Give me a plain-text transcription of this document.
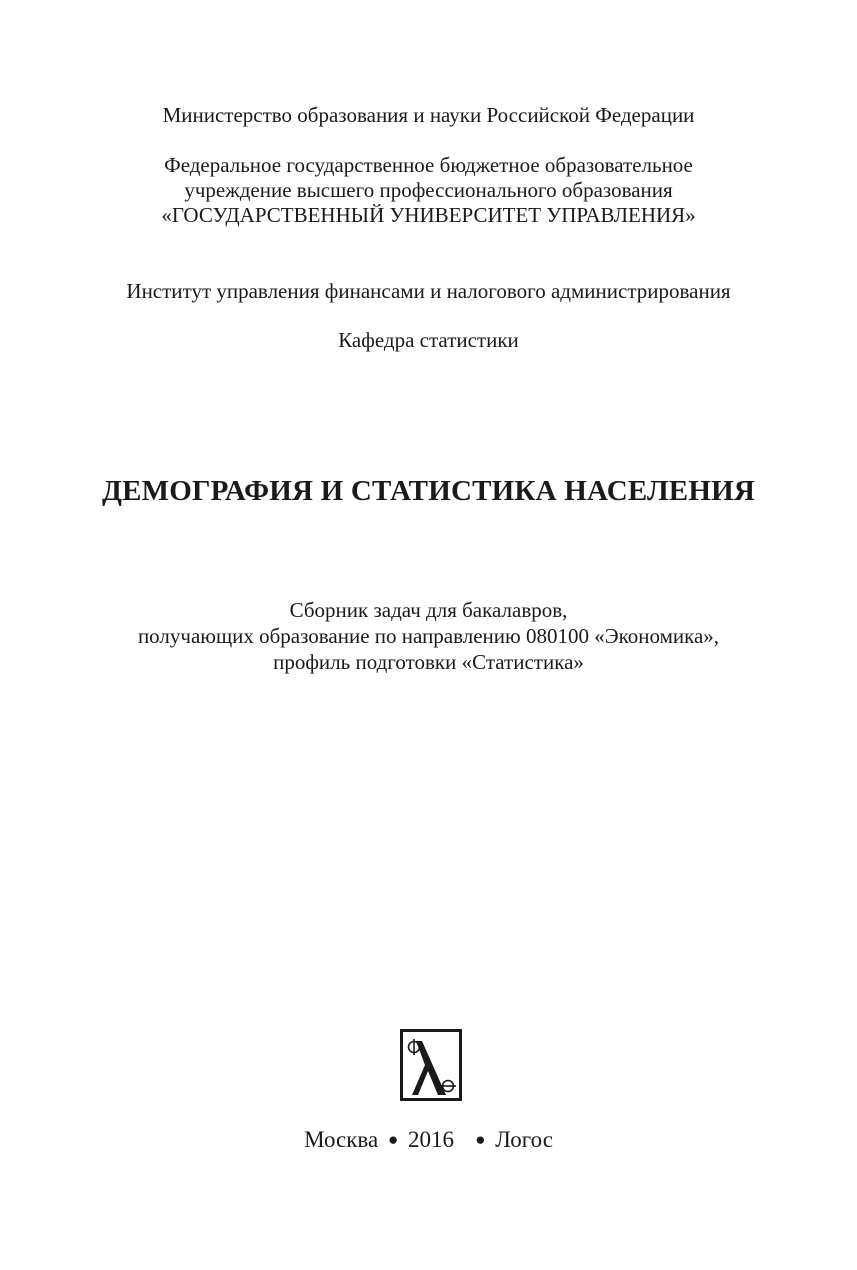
Министерство образования и науки Российской Федерации
Федеральное государственное бюджетное образовательное
учреждение высшего профессионального образования
«ГОСУДАРСТВЕННЫЙ УНИВЕРСИТЕТ УПРАВЛЕНИЯ»
Институт управления финансами и налогового администрирования
Кафедра статистики
ДЕМОГРАФИЯ И СТАТИСТИКА НАСЕЛЕНИЯ
Сборник задач для бакалавров,
получающих образование по направлению 080100 «Экономика»,
профиль подготовки «Статистика»
Москва ● 2016 ● Логос
